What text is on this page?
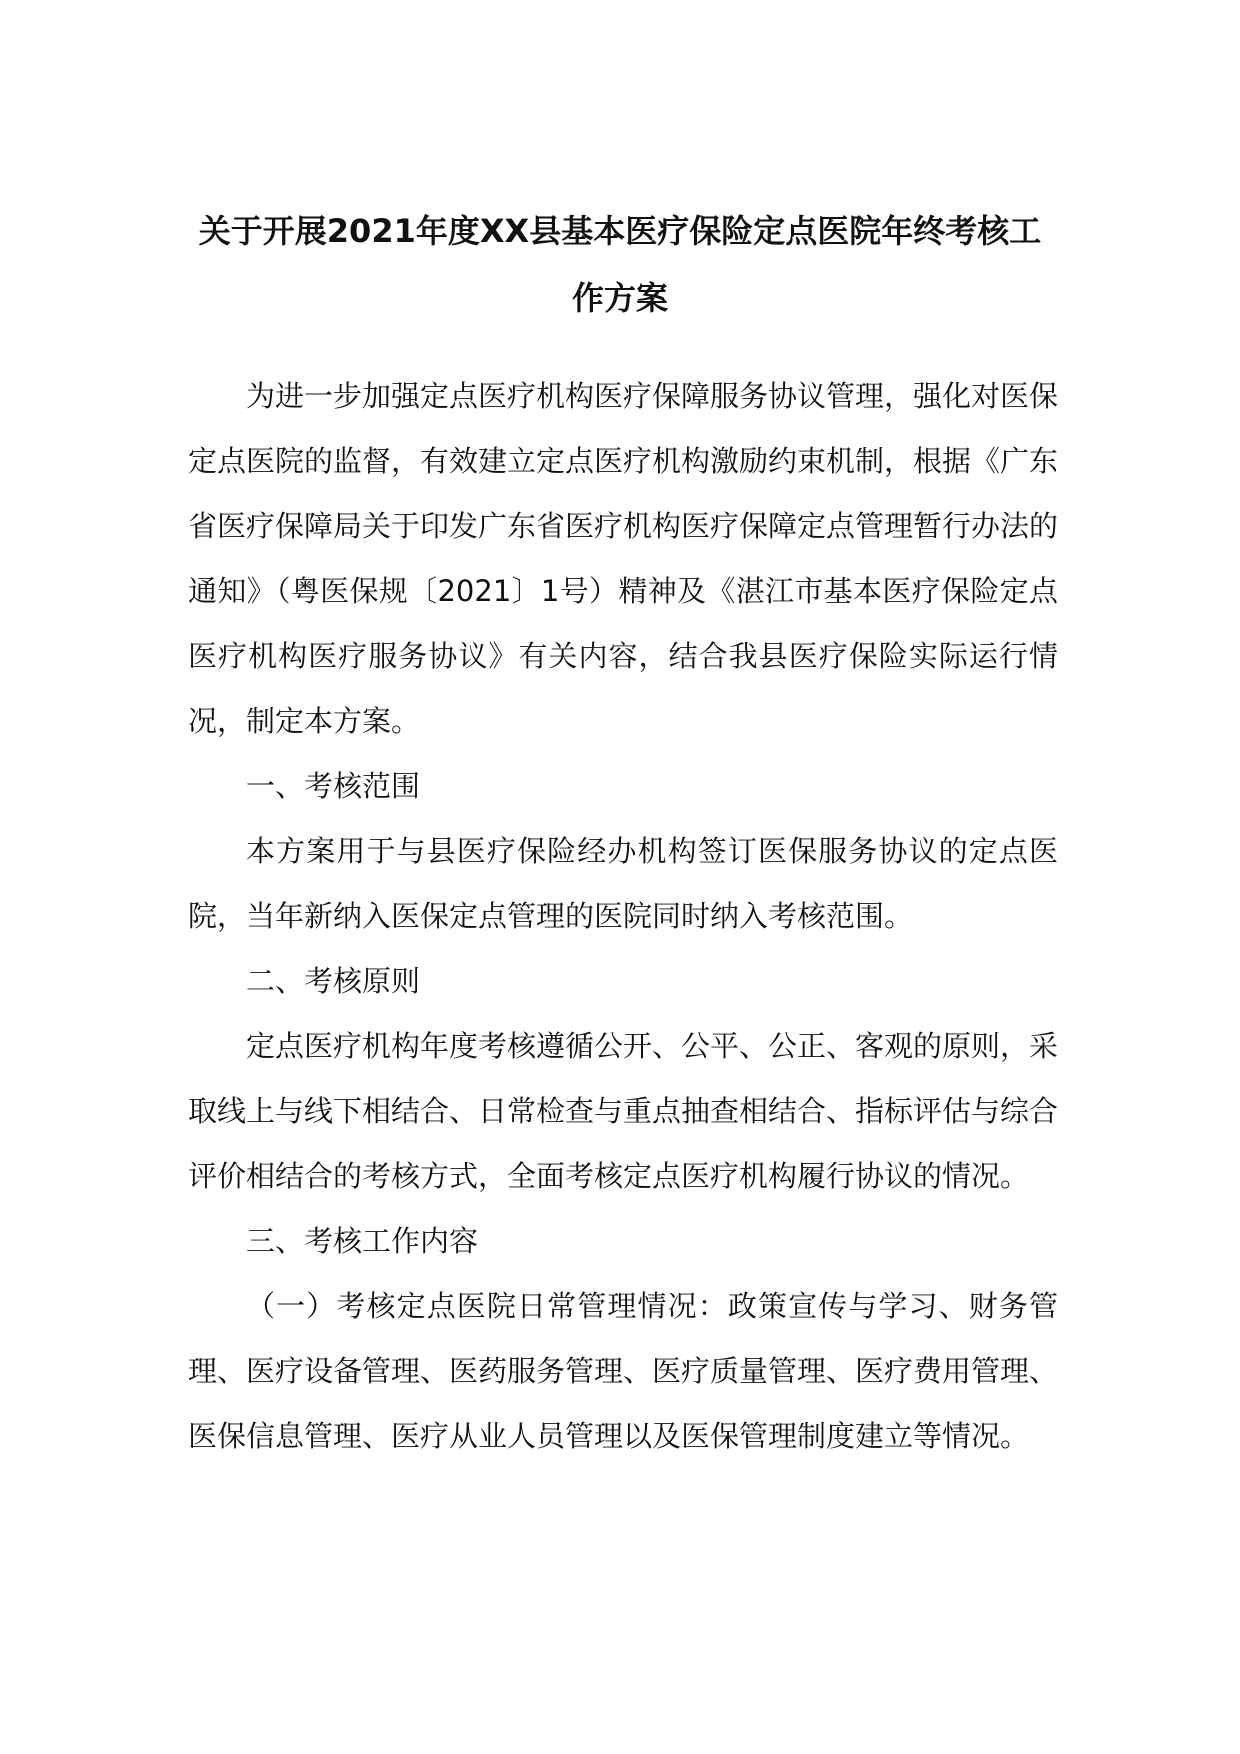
关于开展2021年度XX县基本医疗保险定点医院年终考核工作方案

为进一步加强定点医疗机构医疗保障服务协议管理，强化对医保定点医院的监督，有效建立定点医疗机构激励约束机制，根据《广东省医疗保障局关于印发广东省医疗机构医疗保障定点管理暂行办法的通知》（粤医保规〔2021〕1号）精神及《湛江市基本医疗保险定点医疗机构医疗服务协议》有关内容，结合我县医疗保险实际运行情况，制定本方案。

一、考核范围

本方案用于与县医疗保险经办机构签订医保服务协议的定点医院，当年新纳入医保定点管理的医院同时纳入考核范围。

二、考核原则

定点医疗机构年度考核遵循公开、公平、公正、客观的原则，采取线上与线下相结合、日常检查与重点抽查相结合、指标评估与综合评价相结合的考核方式，全面考核定点医疗机构履行协议的情况。

三、考核工作内容

（一）考核定点医院日常管理情况：政策宣传与学习、财务管理、医疗设备管理、医药服务管理、医疗质量管理、医疗费用管理、医保信息管理、医疗从业人员管理以及医保管理制度建立等情况。
